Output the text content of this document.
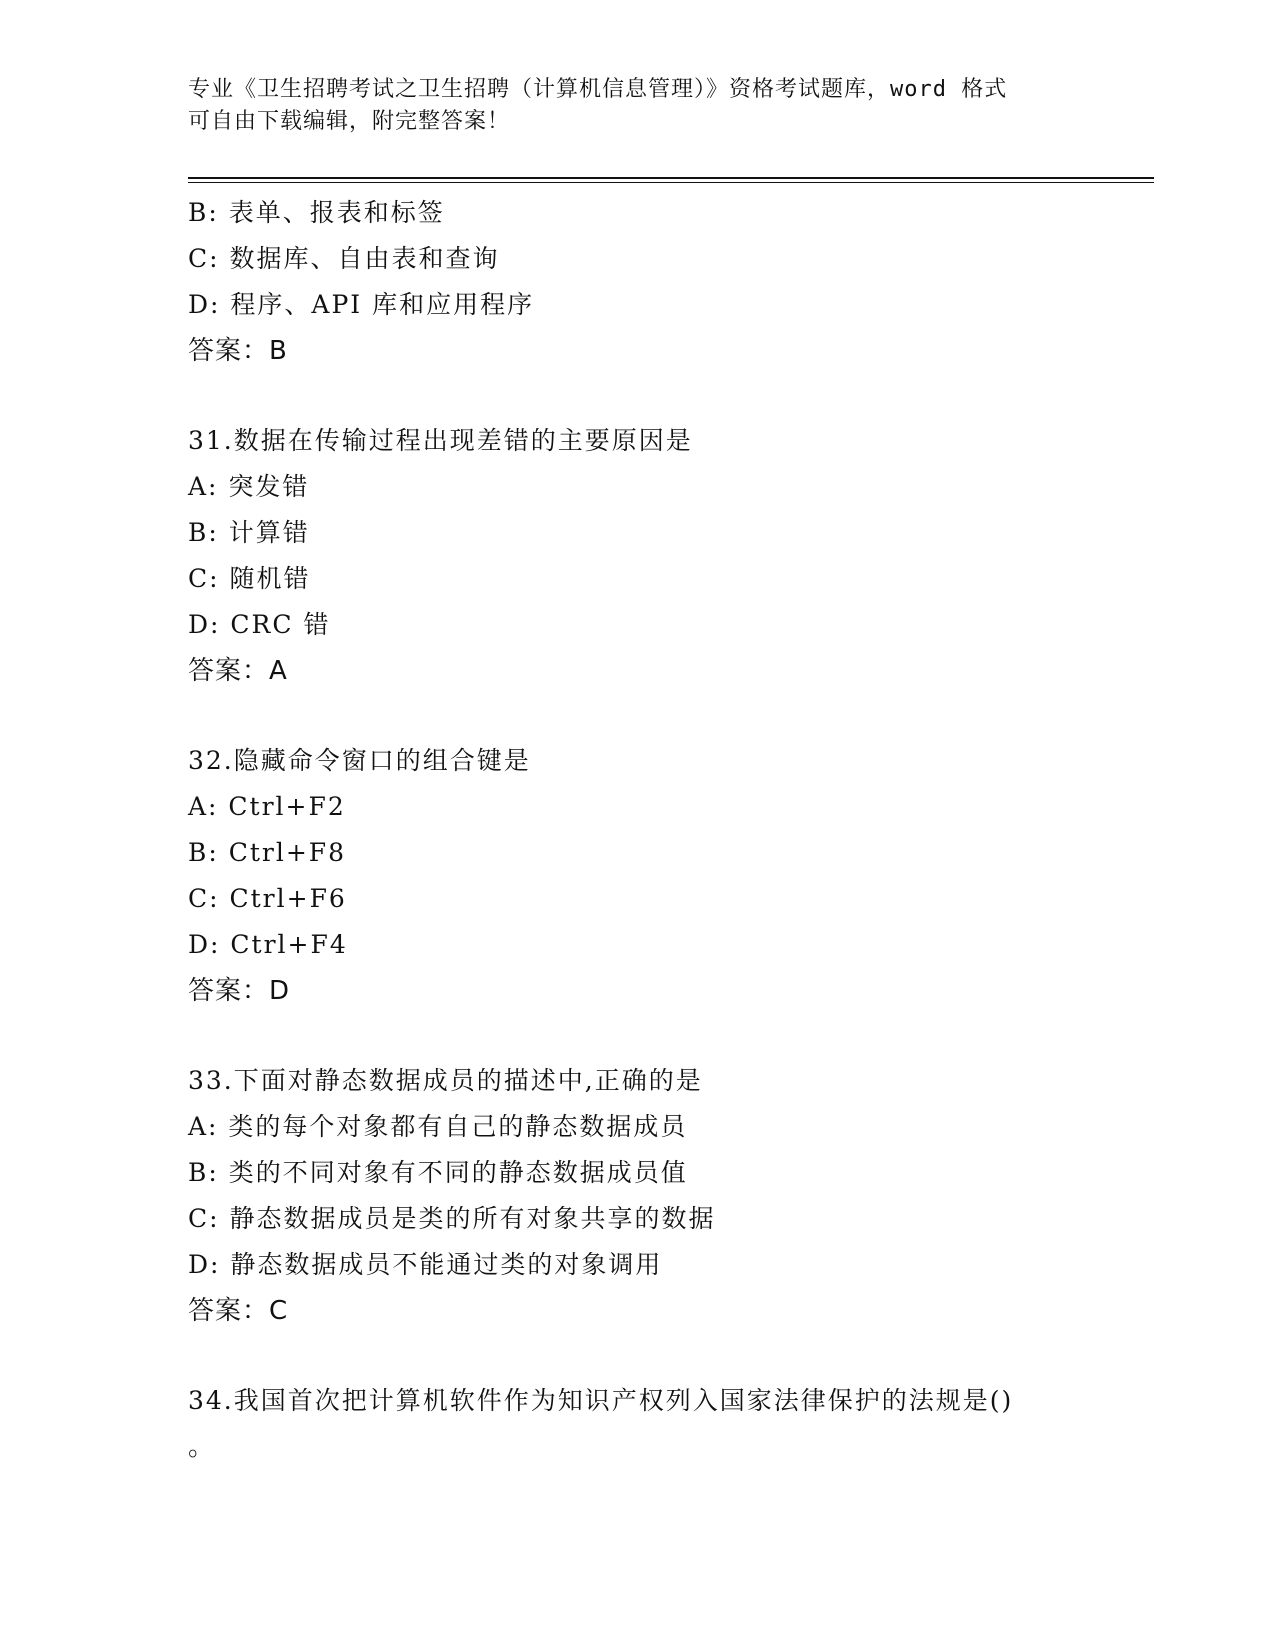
专业《卫生招聘考试之卫生招聘（计算机信息管理）》资格考试题库，word 格式
可自由下载编辑，附完整答案！
B: 表单、报表和标签
C: 数据库、自由表和查询
D: 程序、API 库和应用程序
答案：B
31.数据在传输过程出现差错的主要原因是
A: 突发错
B: 计算错
C: 随机错
D: CRC 错
答案：A
32.隐藏命令窗口的组合键是
A: Ctrl+F2
B: Ctrl+F8
C: Ctrl+F6
D: Ctrl+F4
答案：D
33.下面对静态数据成员的描述中,正确的是
A: 类的每个对象都有自己的静态数据成员
B: 类的不同对象有不同的静态数据成员值
C: 静态数据成员是类的所有对象共享的数据
D: 静态数据成员不能通过类的对象调用
答案：C
34.我国首次把计算机软件作为知识产权列入国家法律保护的法规是()
。
